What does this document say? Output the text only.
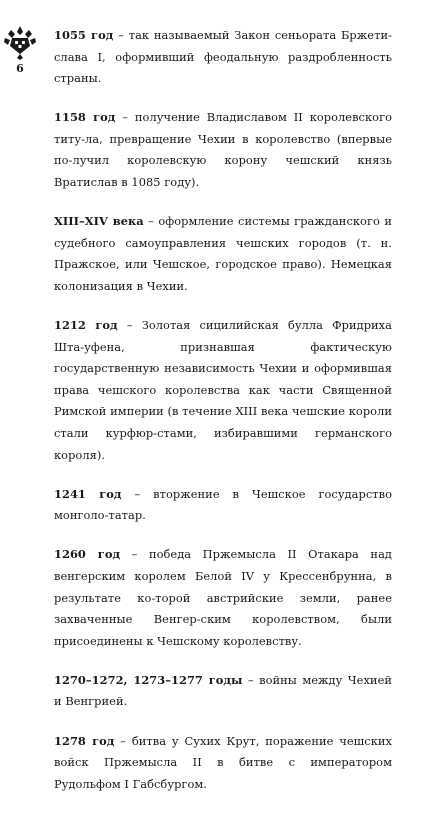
6

1055 год – так называемый Закон сеньората Бржети-слава I, оформивший феодальную раздробленность страны.

1158 год – получение Владиславом II королевского титу-ла, превращение Чехии в королевство (впервые по-лучил королевскую корону чешский князь Вратислав в 1085 году).

XIII–XIV века – оформление системы гражданского и судебного самоуправления чешских городов (т. н. Пражское, или Чешское, городское право). Немецкая колонизация в Чехии.

1212 год – Золотая сицилийская булла Фридриха Шта-уфена, признавшая фактическую государственную независимость Чехии и оформившая права чешского королевства как части Священной Римской империи (в течение XIII века чешские короли стали курфюр-стами, избиравшими германского короля).

1241 год – вторжение в Чешское государство монголо-татар.

1260 год – победа Пржемысла II Отакара над венгерским королем Белой IV у Крессенбрунна, в результате ко-торой австрийские земли, ранее захваченные Венгер-ским королевством, были присоединены к Чешскому королевству.

1270–1272, 1273–1277 годы – войны между Чехией и Венгрией.

1278 год – битва у Сухих Крут, поражение чешских войск Пржемысла II в битве с императором Рудольфом I Габсбургом.
